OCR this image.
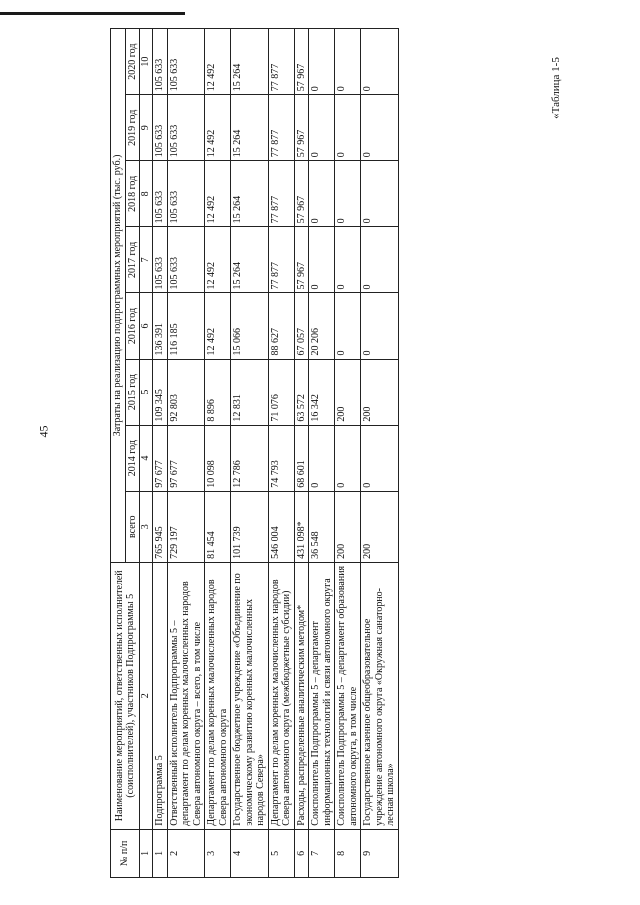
45
«Таблица 1-5
№ п/п	Наименование мероприятий, ответственных исполнителей (соисполнителей), участников Подпрограммы 5	Затраты на реализацию подпрограммных мероприятий (тыс. руб.)							
		всего	2014 год	2015 год	2016 год	2017 год	2018 год	2019 год	2020 год
1	2	3	4	5	6	7	8	9	10
1	Подпрограмма 5	765 945	97 677	109 345	136 391	105 633	105 633	105 633	105 633
2	Ответственный исполнитель Подпрограммы 5 – департамент по делам коренных малочисленных народов Севера автономного округа – всего, в том числе	729 197	97 677	92 803	116 185	105 633	105 633	105 633	105 633
3	Департамент по делам коренных малочисленных народов Севера автономного округа	81 454	10 098	8 896	12 492	12 492	12 492	12 492	12 492
4	Государственное бюджетное учреждение «Объединение по экономическому развитию коренных малочисленных народов Севера»	101 739	12 786	12 831	15 066	15 264	15 264	15 264	15 264
5	Департамент по делам коренных малочисленных народов Севера автономного округа (межбюджетные субсидии)	546 004	74 793	71 076	88 627	77 877	77 877	77 877	77 877
6	Расходы, распределенные аналитическим методом*	431 098*	68 601	63 572	67 057	57 967	57 967	57 967	57 967
7	Соисполнитель Подпрограммы 5 – департамент информационных технологий и связи автономного округа	36 548	0	16 342	20 206	0	0	0	0
8	Соисполнитель Подпрограммы 5 – департамент образования автономного округа, в том числе	200	0	200	0	0	0	0	0
9	Государственное казенное общеобразовательное учреждение автономного округа «Окружная санаторно-лесная школа»	200	0	200	0	0	0	0	0
